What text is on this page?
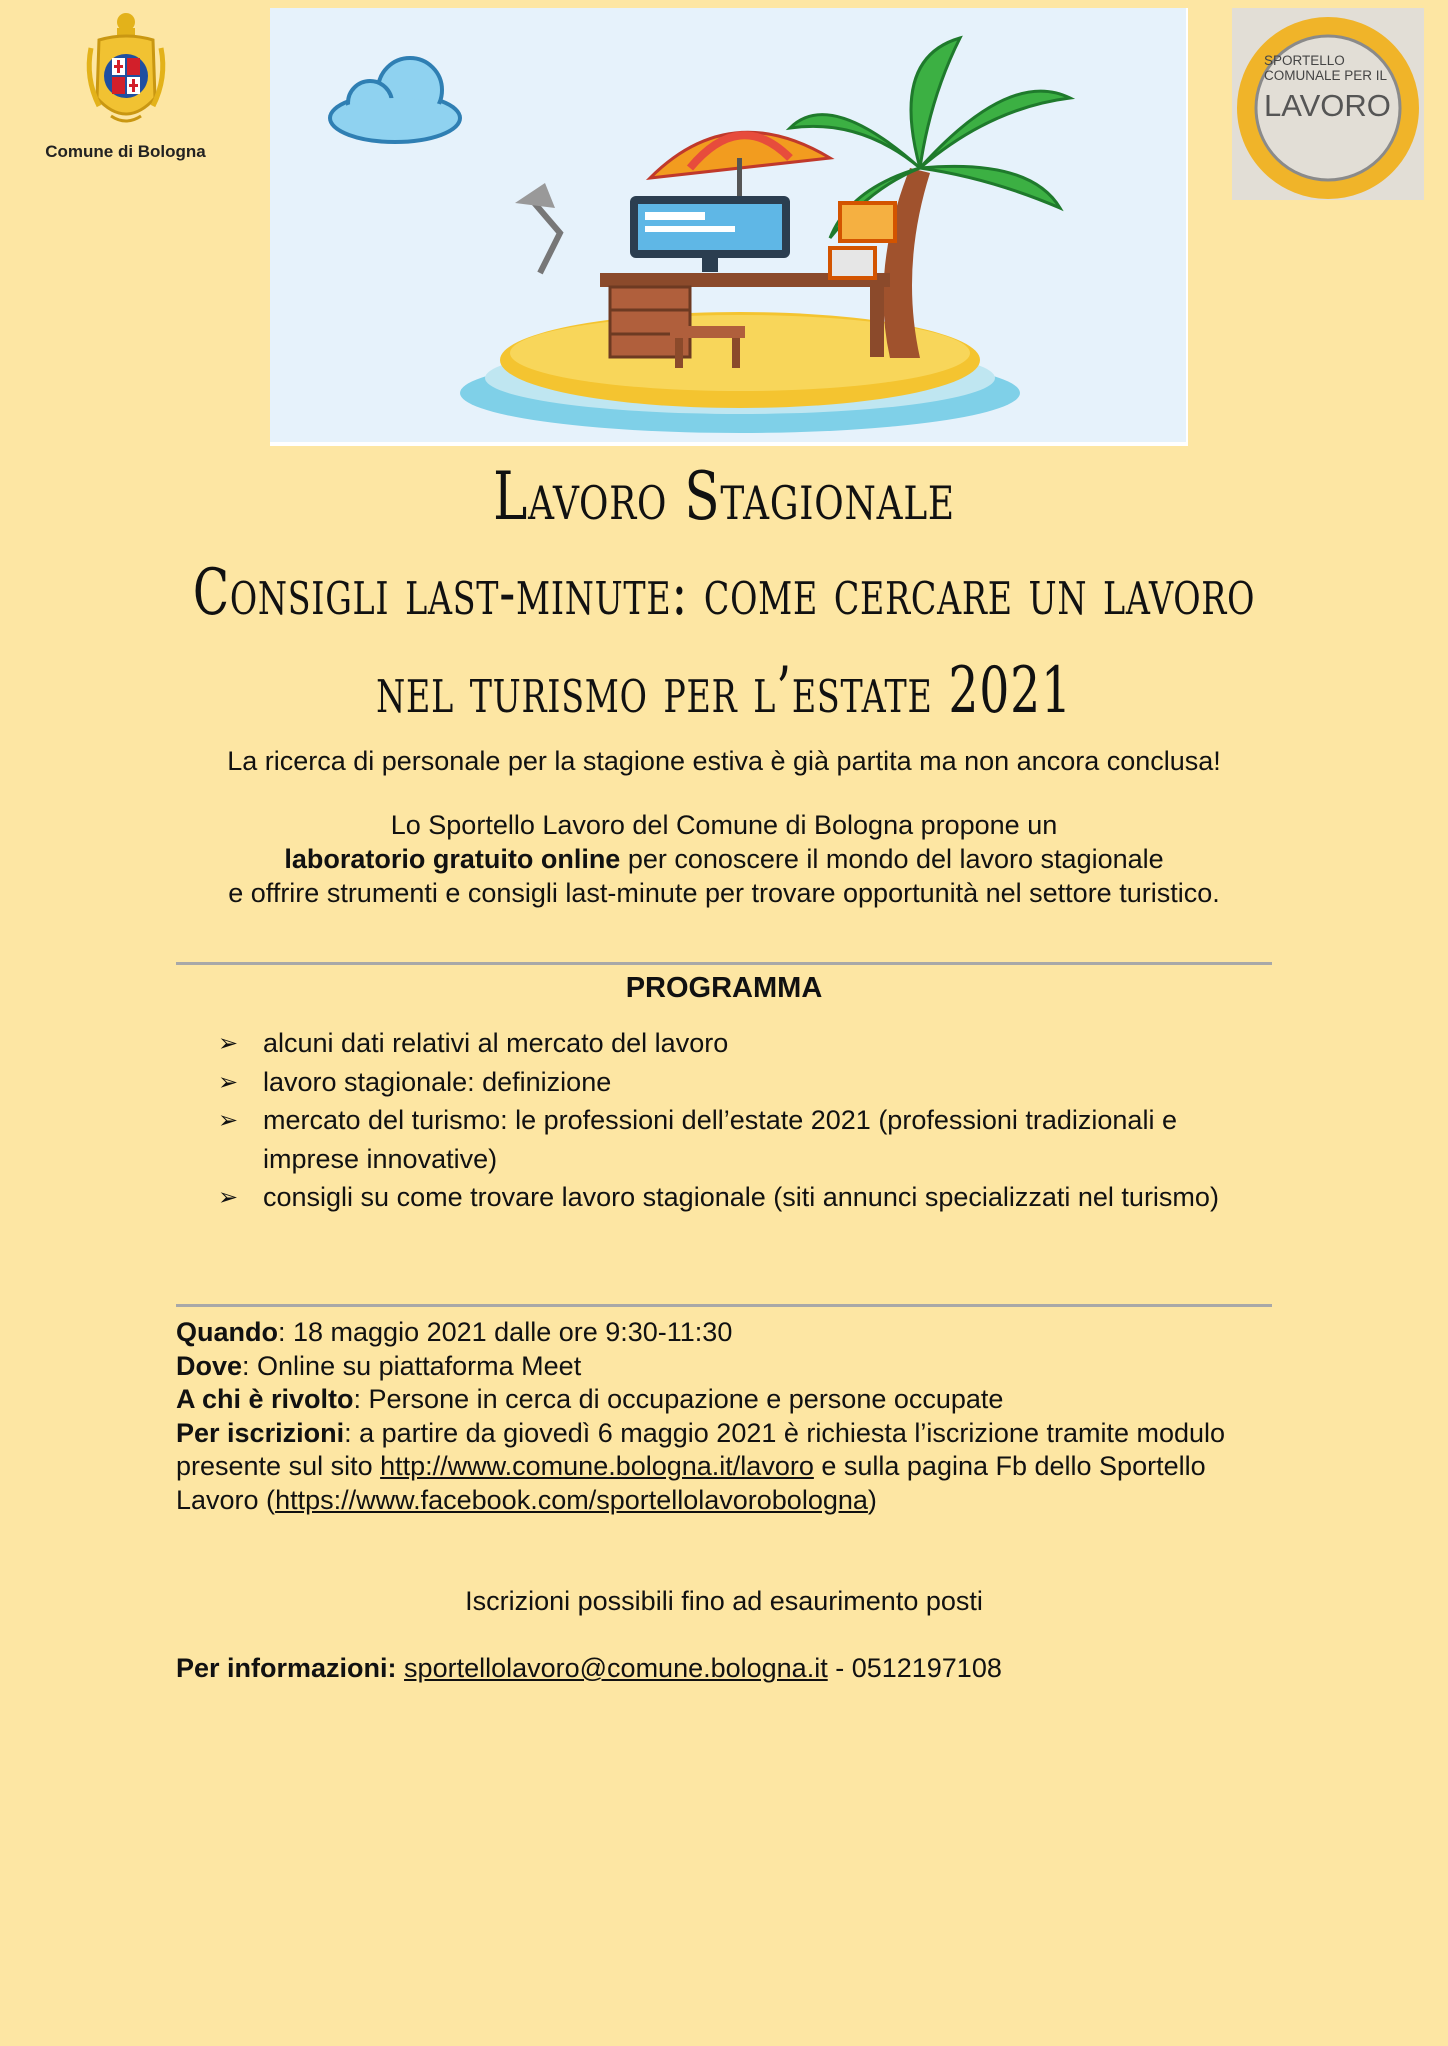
Comune di Bologna
SPORTELLO
COMUNALE PER IL
LAVORO
Lavoro Stagionale
Consigli last-minute: come cercare un lavoro
nel turismo per l’estate 2021
La ricerca di personale per la stagione estiva è già partita ma non ancora conclusa!
Lo Sportello Lavoro del Comune di Bologna propone un
laboratorio gratuito online per conoscere il mondo del lavoro stagionale
e offrire strumenti e consigli last-minute per trovare opportunità nel settore turistico.
PROGRAMMA
➢ alcuni dati relativi al mercato del lavoro
➢ lavoro stagionale: definizione
➢ mercato del turismo: le professioni dell’estate 2021 (professioni tradizionali e imprese innovative)
➢ consigli su come trovare lavoro stagionale (siti annunci specializzati nel turismo)
Quando: 18 maggio 2021 dalle ore 9:30-11:30
Dove: Online su piattaforma Meet
A chi è rivolto: Persone in cerca di occupazione e persone occupate
Per iscrizioni: a partire da giovedì 6 maggio 2021 è richiesta l’iscrizione tramite modulo presente sul sito http://www.comune.bologna.it/lavoro e sulla pagina Fb dello Sportello Lavoro (https://www.facebook.com/sportellolavorobologna)
Iscrizioni possibili fino ad esaurimento posti
Per informazioni: sportellolavoro@comune.bologna.it - 0512197108
